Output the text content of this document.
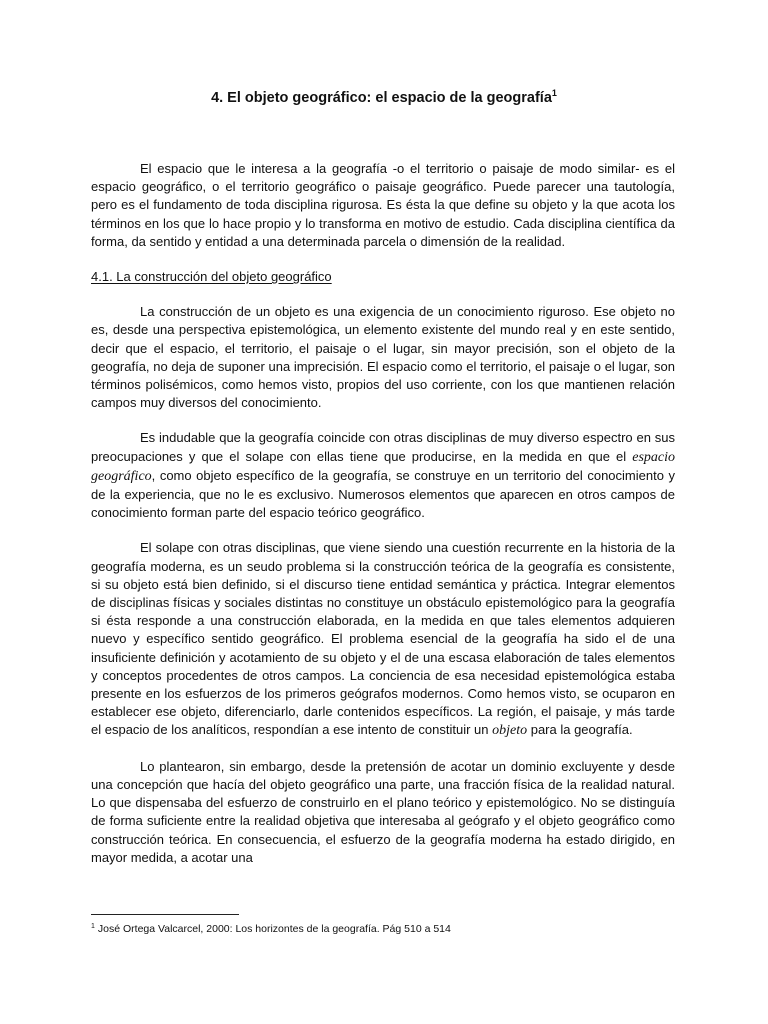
4. El objeto geográfico: el espacio de la geografía$^1$

El espacio que le interesa a la geografía -o el territorio o paisaje de modo similar- es el espacio geográfico, o el territorio geográfico o paisaje geográfico. Puede parecer una tautología, pero es el fundamento de toda disciplina rigurosa. Es ésta la que define su objeto y la que acota los términos en los que lo hace propio y lo transforma en motivo de estudio. Cada disciplina científica da forma, da sentido y entidad a una determinada parcela o dimensión de la realidad.

4.1. La construcción del objeto geográfico

La construcción de un objeto es una exigencia de un conocimiento riguroso. Ese objeto no es, desde una perspectiva epistemológica, un elemento existente del mundo real y en este sentido, decir que el espacio, el territorio, el paisaje o el lugar, sin mayor precisión, son el objeto de la geografía, no deja de suponer una imprecisión. El espacio como el territorio, el paisaje o el lugar, son términos polisémicos, como hemos visto, propios del uso corriente, con los que mantienen relación campos muy diversos del conocimiento.

Es indudable que la geografía coincide con otras disciplinas de muy diverso espectro en sus preocupaciones y que el solape con ellas tiene que producirse, en la medida en que el espacio geográfico, como objeto específico de la geografía, se construye en un territorio del conocimiento y de la experiencia, que no le es exclusivo. Numerosos elementos que aparecen en otros campos de conocimiento forman parte del espacio teórico geográfico.

El solape con otras disciplinas, que viene siendo una cuestión recurrente en la historia de la geografía moderna, es un seudo problema si la construcción teórica de la geografía es consistente, si su objeto está bien definido, si el discurso tiene entidad semántica y práctica. Integrar elementos de disciplinas físicas y sociales distintas no constituye un obstáculo epistemológico para la geografía si ésta responde a una construcción elaborada, en la medida en que tales elementos adquieren nuevo y específico sentido geográfico. El problema esencial de la geografía ha sido el de una insuficiente definición y acotamiento de su objeto y el de una escasa elaboración de tales elementos y conceptos procedentes de otros campos. La conciencia de esa necesidad epistemológica estaba presente en los esfuerzos de los primeros geógrafos modernos. Como hemos visto, se ocuparon en establecer ese objeto, diferenciarlo, darle contenidos específicos. La región, el paisaje, y más tarde el espacio de los analíticos, respondían a ese intento de constituir un objeto para la geografía.

Lo plantearon, sin embargo, desde la pretensión de acotar un dominio excluyente y desde una concepción que hacía del objeto geográfico una parte, una fracción física de la realidad natural. Lo que dispensaba del esfuerzo de construirlo en el plano teórico y epistemológico. No se distinguía de forma suficiente entre la realidad objetiva que interesaba al geógrafo y el objeto geográfico como construcción teórica. En consecuencia, el esfuerzo de la geografía moderna ha estado dirigido, en mayor medida, a acotar una

$^1$ José Ortega Valcarcel, 2000: Los horizontes de la geografía. Pág 510 a 514
